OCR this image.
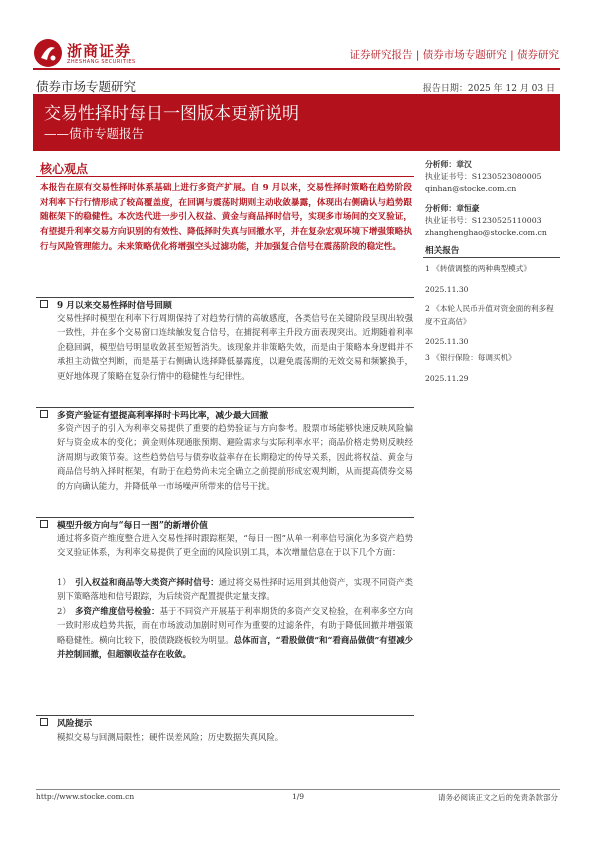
浙商证券
ZHESHANG SECURITIES
证券研究报告 | 债券市场专题研究 | 债券研究
债券市场专题研究	报告日期：2025 年 12 月 03 日
交易性择时每日一图版本更新说明
——债市专题报告
核心观点
本报告在原有交易性择时体系基础上进行多资产扩展。自 9 月以来，交易性择时策略在趋势阶段对利率下行行情形成了较高覆盖度，在回调与震荡时期则主动收敛暴露，体现出右侧确认与趋势跟随框架下的稳健性。本次迭代进一步引入权益、黄金与商品择时信号，实现多市场间的交叉验证，有望提升利率交易方向识别的有效性、降低择时失真与回撤水平，并在复杂宏观环境下增强策略执行与风险管理能力。未来策略优化将增强空头过滤功能，并加强复合信号在震荡阶段的稳定性。
9 月以来交易性择时信号回顾
交易性择时模型在利率下行周期保持了对趋势行情的高敏感度，各类信号在关键阶段呈现出较强一致性，并在多个交易窗口连续触发复合信号，在捕捉利率主升段方面表现突出。近期随着利率企稳回调，模型信号明显收敛甚至短暂消失。该现象并非策略失效，而是由于策略本身逻辑并不承担主动做空判断，而是基于右侧确认选择降低暴露度，以避免震荡期的无效交易和频繁换手，更好地体现了策略在复杂行情中的稳健性与纪律性。
多资产验证有望提高利率择时卡玛比率，减少最大回撤
多资产因子的引入为利率交易提供了重要的趋势验证与方向参考。股票市场能够快速反映风险偏好与资金成本的变化；黄金则体现通胀预期、避险需求与实际利率水平；商品价格走势则反映经济周期与政策节奏。这些趋势信号与债券收益率存在长期稳定的传导关系，因此将权益、黄金与商品信号纳入择时框架，有助于在趋势尚未完全确立之前提前形成宏观判断，从而提高债券交易的方向确认能力，并降低单一市场噪声所带来的信号干扰。
模型升级方向与“每日一图”的新增价值
通过将多资产维度整合进入交易性择时跟踪框架，“每日一图”从单一利率信号演化为多资产趋势交叉验证体系，为利率交易提供了更全面的风险识别工具，本次增量信息在于以下几个方面：
1） 引入权益和商品等大类资产择时信号：通过将交易性择时运用到其他资产，实现不同资产类别下策略落地和信号跟踪，为后续资产配置提供定量支撑。
2） 多资产维度信号检验：基于不同资产开展基于利率期货的多资产交叉检验，在利率多空方向一致时形成趋势共振，而在市场波动加剧时则可作为重要的过滤条件，有助于降低回撤并增强策略稳健性。横向比较下，股债跷跷板较为明显。总体而言，“看股做债”和“看商品做债”有望减少并控制回撤，但超额收益存在收敛。
风险提示
模拟交易与回测局限性；硬件误差风险；历史数据失真风险。
分析师：章汉
执业证书号：S1230523080005
qinhan@stocke.com.cn
分析师：章恒豪
执业证书号：S1230525110003
zhanghenghao@stocke.com.cn
相关报告
1 《转债调整的两种典型模式》
2025.11.30
2 《本轮人民币升值对资金面的利多程度不宜高估》
2025.11.30
3 《银行保险：每调买机》
2025.11.29
http://www.stocke.com.cn	1/9	请务必阅读正文之后的免责条款部分
